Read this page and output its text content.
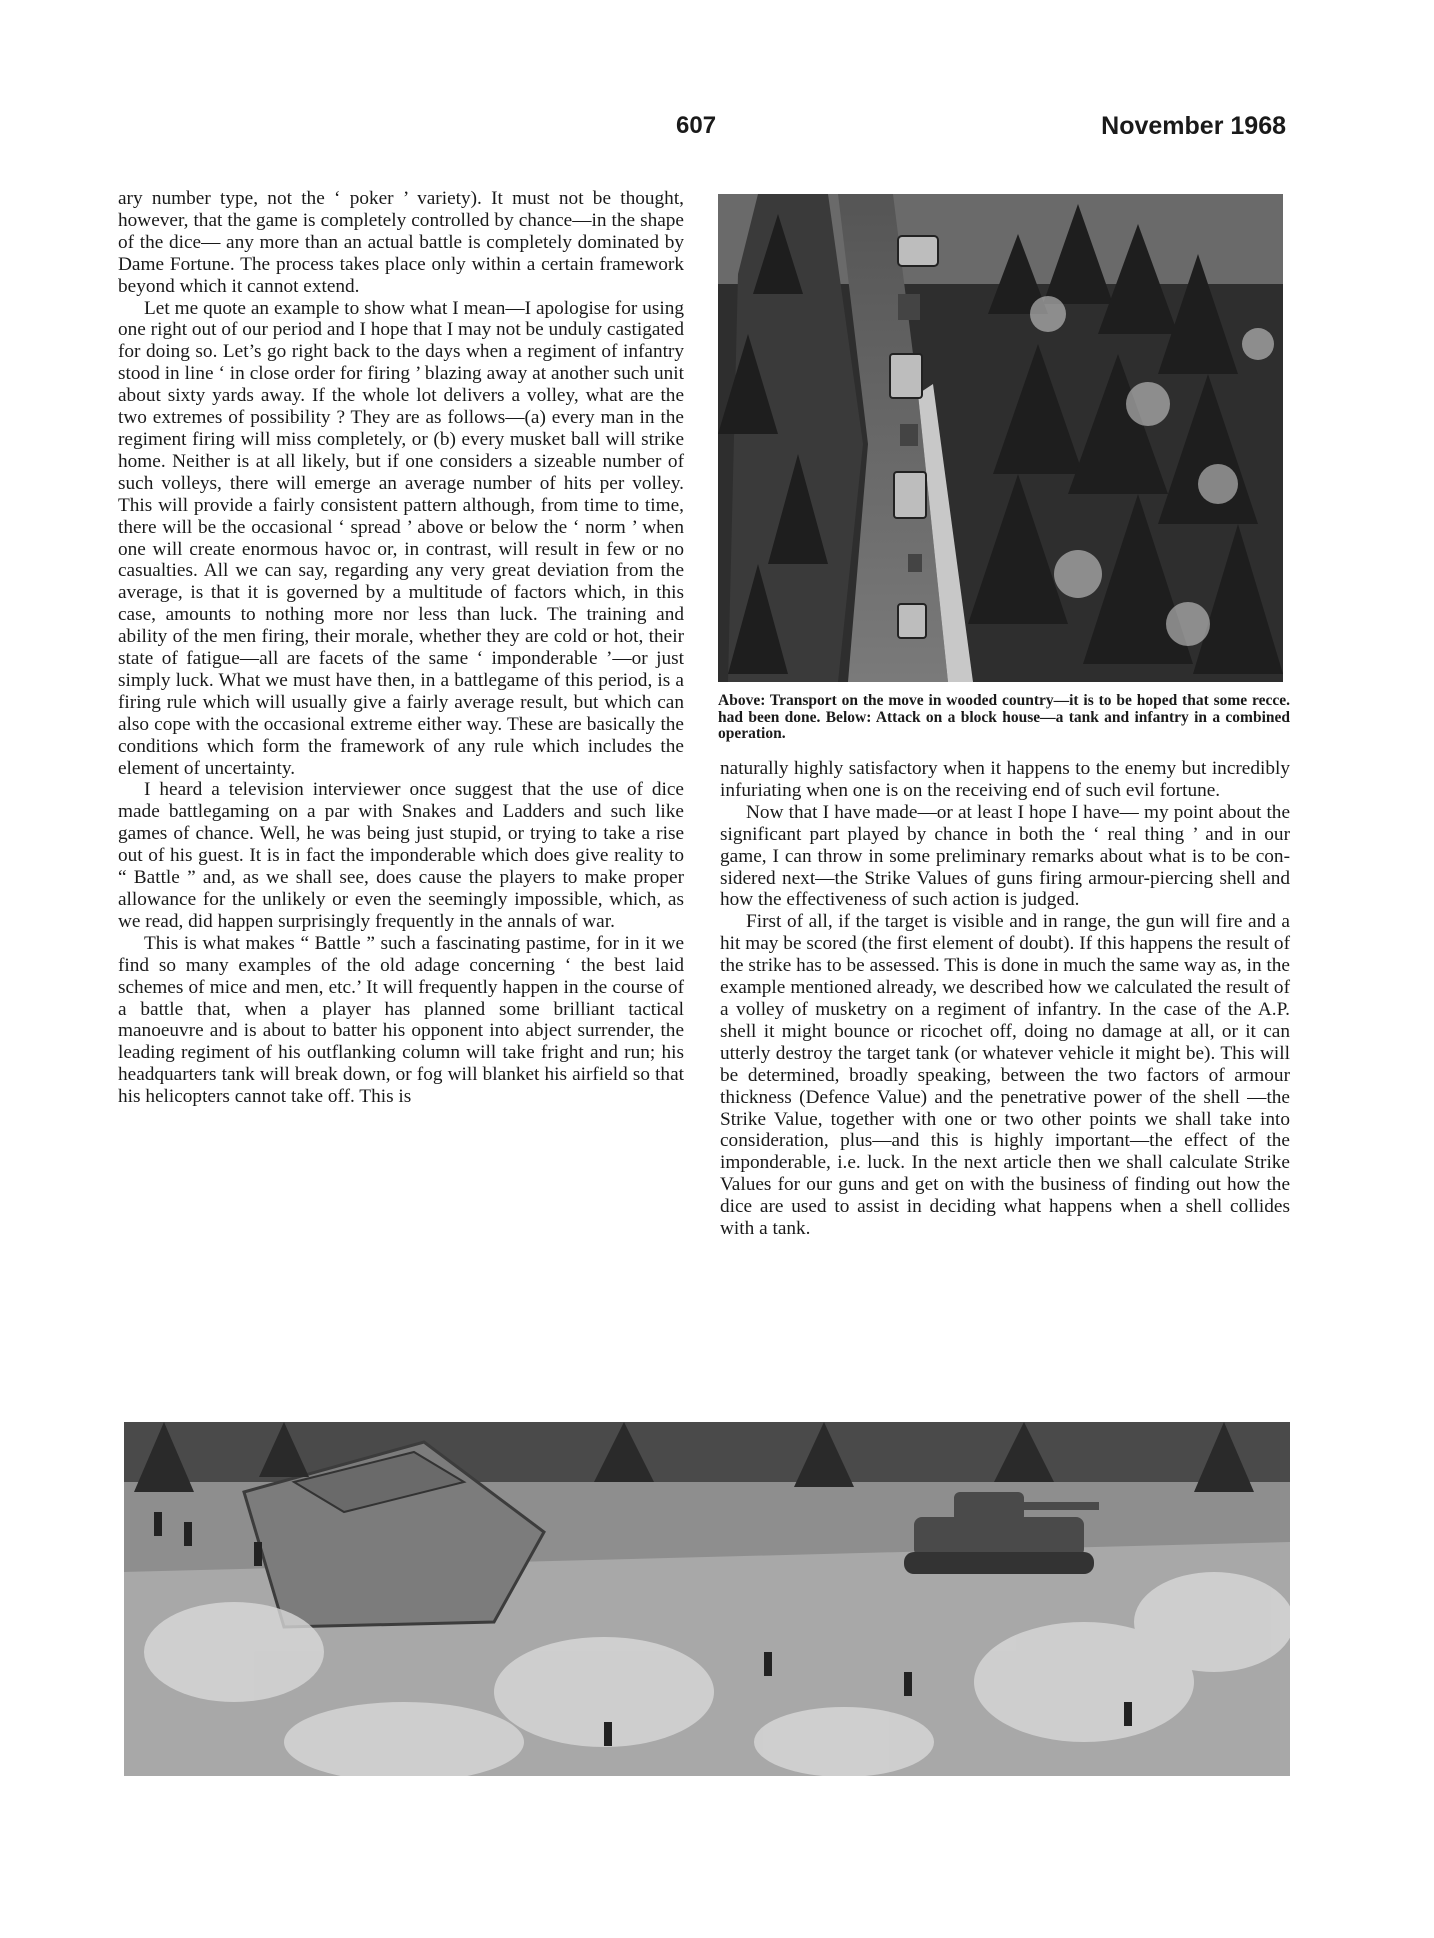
607	November 1968

ary number type, not the ‘ poker ’ variety). It must not be thought, however, that the game is completely controlled by chance—in the shape of the dice— any more than an actual battle is completely dominated by Dame Fortune. The process takes place only within a certain framework beyond which it cannot extend.

Let me quote an example to show what I mean—I apologise for using one right out of our period and I hope that I may not be unduly castigated for doing so. Let’s go right back to the days when a regiment of infantry stood in line ‘ in close order for firing ’ blazing away at another such unit about sixty yards away. If the whole lot delivers a volley, what are the two extremes of possibility ? They are as follows—(a) every man in the regiment firing will miss completely, or (b) every musket ball will strike home. Neither is at all likely, but if one considers a sizeable number of such volleys, there will emerge an average number of hits per volley. This will provide a fairly consistent pattern although, from time to time, there will be the occasional ‘ spread ’ above or below the ‘ norm ’ when one will create enormous havoc or, in contrast, will result in few or no casualties. All we can say, regarding any very great deviation from the average, is that it is governed by a multitude of factors which, in this case, amounts to nothing more nor less than luck. The training and ability of the men firing, their morale, whether they are cold or hot, their state of fatigue—all are facets of the same ‘ imponderable ’—or just simply luck. What we must have then, in a battlegame of this period, is a firing rule which will usually give a fairly average result, but which can also cope with the occasional extreme either way. These are basically the conditions which form the framework of any rule which includes the element of uncertainty.

I heard a television interviewer once suggest that the use of dice made battlegaming on a par with Snakes and Ladders and such like games of chance. Well, he was being just stupid, or trying to take a rise out of his guest. It is in fact the imponderable which does give reality to “ Battle ” and, as we shall see, does cause the players to make proper allowance for the unlikely or even the seemingly impossible, which, as we read, did happen surprisingly frequently in the annals of war.

This is what makes “ Battle ” such a fascinating pastime, for in it we find so many examples of the old adage concerning ‘ the best laid schemes of mice and men, etc.’ It will frequently happen in the course of a battle that, when a player has planned some brilliant tactical manoeuvre and is about to batter his opponent into abject surrender, the leading regiment of his outflanking column will take fright and run; his headquarters tank will break down, or fog will blanket his airfield so that his helicopters cannot take off. This is

Above: Transport on the move in wooded country—it is to be hoped that some recce. had been done. Below: Attack on a block house—a tank and infantry in a combined operation.

naturally highly satisfactory when it happens to the enemy but incredibly infuriating when one is on the receiving end of such evil fortune.

Now that I have made—or at least I hope I have— my point about the significant part played by chance in both the ‘ real thing ’ and in our game, I can throw in some preliminary remarks about what is to be considered next—the Strike Values of guns firing armour-piercing shell and how the effectiveness of such action is judged.

First of all, if the target is visible and in range, the gun will fire and a hit may be scored (the first element of doubt). If this happens the result of the strike has to be assessed. This is done in much the same way as, in the example mentioned already, we described how we calculated the result of a volley of musketry on a regiment of infantry. In the case of the A.P. shell it might bounce or ricochet off, doing no damage at all, or it can utterly destroy the target tank (or whatever vehicle it might be). This will be determined, broadly speaking, between the two factors of armour thickness (Defence Value) and the penetrative power of the shell —the Strike Value, together with one or two other points we shall take into consideration, plus—and this is highly important—the effect of the imponderable, i.e. luck. In the next article then we shall calculate Strike Values for our guns and get on with the business of finding out how the dice are used to assist in deciding what happens when a shell collides with a tank.
